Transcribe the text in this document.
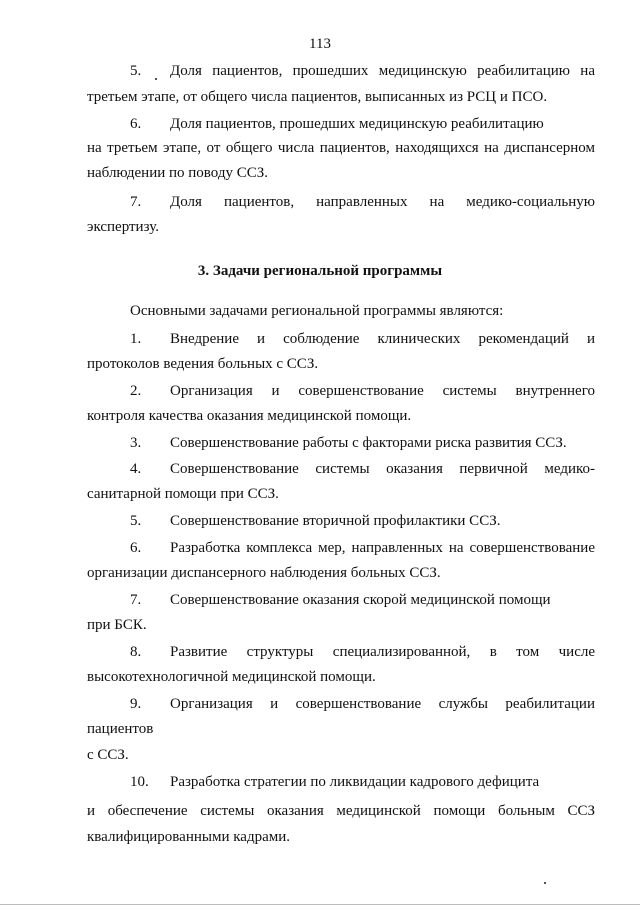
113
5.	Доля пациентов, прошедших медицинскую реабилитацию на
третьем этапе, от общего числа пациентов, выписанных из РСЦ и ПСО.
6.	Доля пациентов, прошедших медицинскую реабилитацию
на третьем этапе, от общего числа пациентов, находящихся на диспансерном
наблюдении по поводу ССЗ.
7.	Доля пациентов, направленных на медико-социальную
экспертизу.
3. Задачи региональной программы
Основными задачами региональной программы являются:
1.	Внедрение и соблюдение клинических рекомендаций и
протоколов ведения больных с ССЗ.
2.	Организация и совершенствование системы внутреннего
контроля качества оказания медицинской помощи.
3.	Совершенствование работы с факторами риска развития ССЗ.
4.	Совершенствование системы оказания первичной медико-
санитарной помощи при ССЗ.
5.	Совершенствование вторичной профилактики ССЗ.
6.	Разработка комплекса мер, направленных на совершенствование
организации диспансерного наблюдения больных ССЗ.
7.	Совершенствование оказания скорой медицинской помощи
при БСК.
8.	Развитие структуры специализированной, в том числе
высокотехнологичной медицинской помощи.
9.	Организация и совершенствование службы реабилитации
пациентов
с ССЗ.
10.	Разработка стратегии по ликвидации кадрового дефицита
и обеспечение системы оказания медицинской помощи больным ССЗ
квалифицированными кадрами.
